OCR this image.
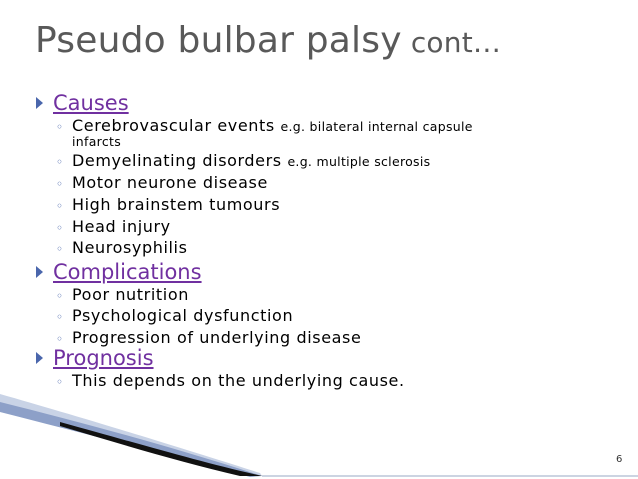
Pseudo bulbar palsy cont…
Causes
◦ Cerebrovascular events e.g. bilateral internal capsule
infarcts
◦ Demyelinating disorders e.g. multiple sclerosis
◦ Motor neurone disease
◦ High brainstem tumours
◦ Head injury
◦ Neurosyphilis
Complications
◦ Poor nutrition
◦ Psychological dysfunction
◦ Progression of underlying disease
Prognosis
◦ This depends on the underlying cause.
6
